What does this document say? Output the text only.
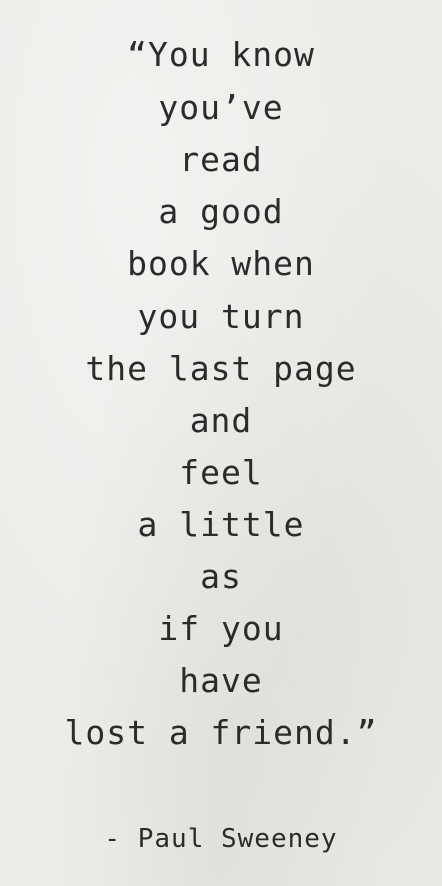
“You know
you’ve
read
a good
book when
you turn
the last page
and
feel
a little
as
if you
have
lost a friend.”
- Paul Sweeney
